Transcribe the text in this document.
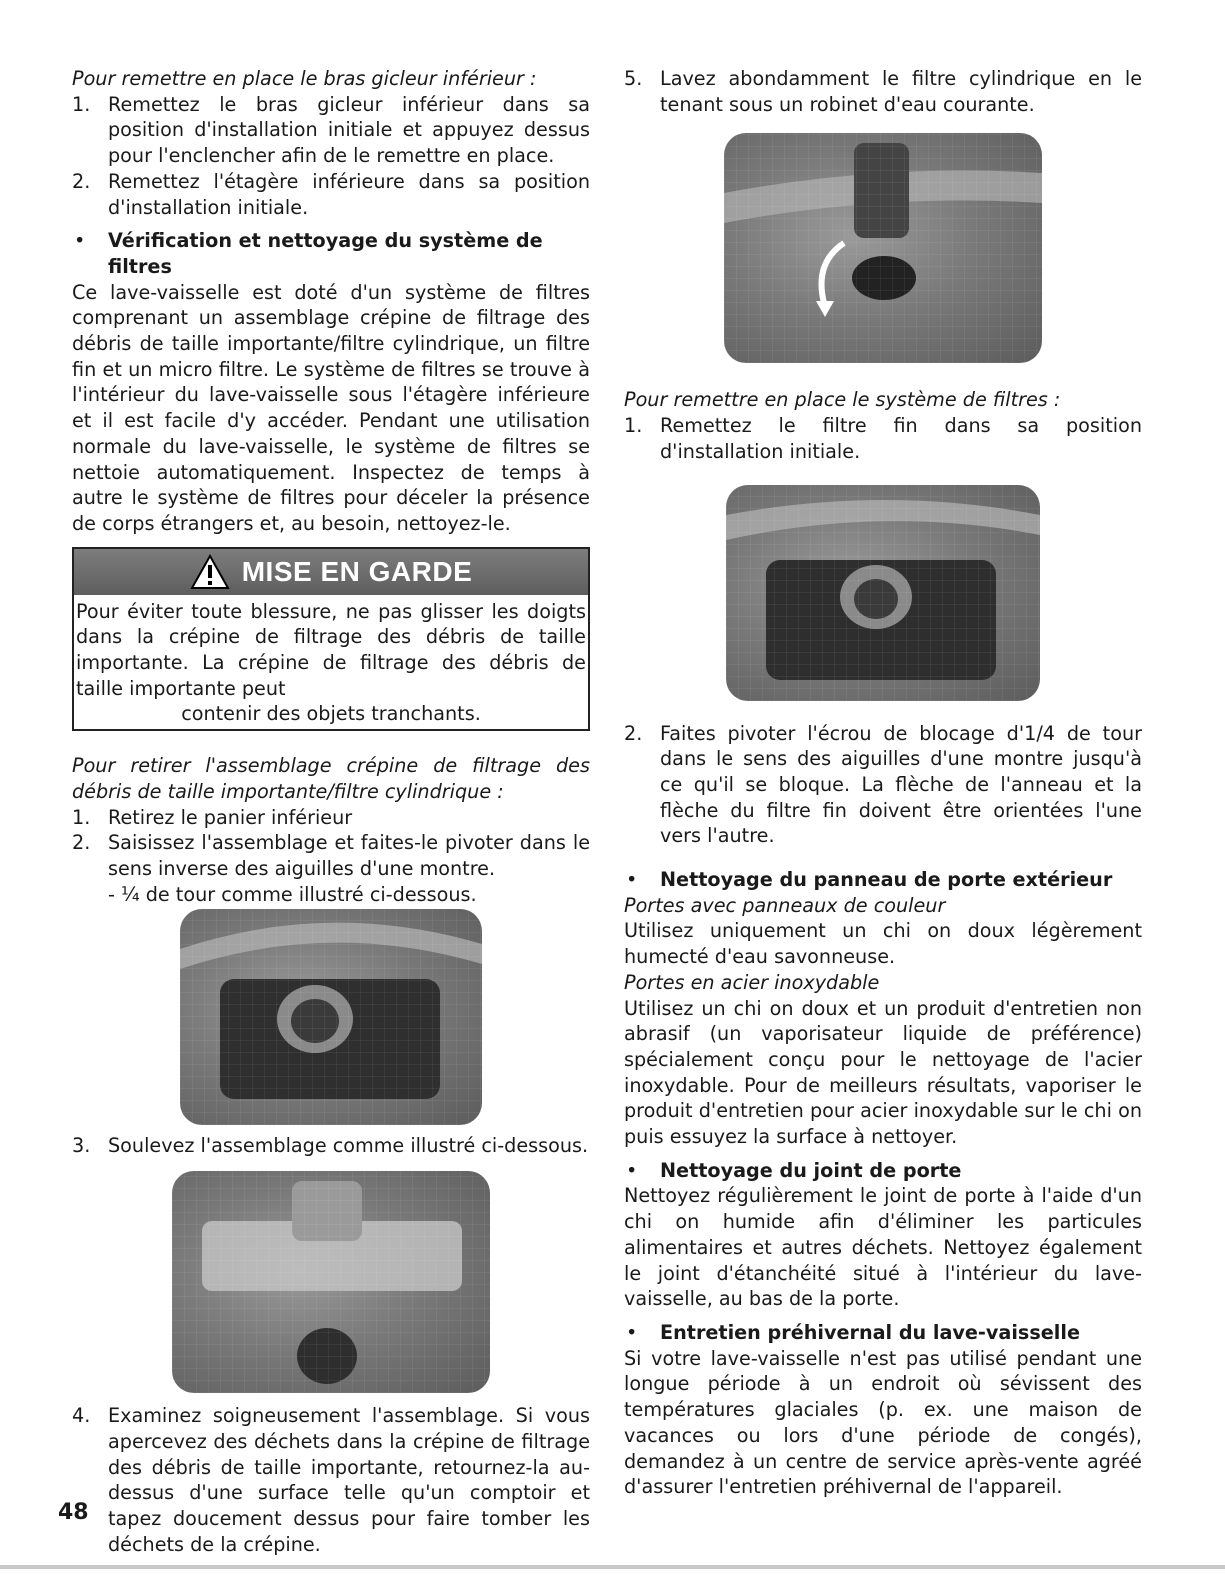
Pour remettre en place le bras gicleur inférieur :

1. Remettez le bras gicleur inférieur dans sa position d'installation initiale et appuyez dessus pour l'enclencher afin de le remettre en place.
2. Remettez l'étagère inférieure dans sa position d'installation initiale.
• Vérification et nettoyage du système de filtres

Ce lave-vaisselle est doté d'un système de filtres comprenant un assemblage crépine de filtrage des débris de taille importante/filtre cylindrique, un filtre fin et un micro filtre. Le système de filtres se trouve à l'intérieur du lave-vaisselle sous l'étagère inférieure et il est facile d'y accéder. Pendant une utilisation normale du lave-vaisselle, le système de filtres se nettoie automatiquement. Inspectez de temps à autre le système de filtres pour déceler la présence de corps étrangers et, au besoin, nettoyez-le.

MISE EN GARDE

Pour éviter toute blessure, ne pas glisser les doigts dans la crépine de filtrage des débris de taille importante. La crépine de filtrage des débris de taille importante peut

contenir des objets tranchants.

Pour retirer l'assemblage crépine de filtrage des débris de taille importante/filtre cylindrique :

1. Retirez le panier inférieur
2. Saisissez l'assemblage et faites-le pivoter dans le sens inverse des aiguilles d'une montre.

- ¼ de tour comme illustré ci-dessous.

3. Soulevez l'assemblage comme illustré ci-dessous.
4. Examinez soigneusement l'assemblage. Si vous apercevez des déchets dans la crépine de filtrage des débris de taille importante, retournez-la au-dessus d'une surface telle qu'un comptoir et tapez doucement dessus pour faire tomber les déchets de la crépine.
5. Lavez abondamment le filtre cylindrique en le tenant sous un robinet d'eau courante.

Pour remettre en place le système de filtres :

1. Remettez le filtre fin dans sa position d'installation initiale.
2. Faites pivoter l'écrou de blocage d'1/4 de tour dans le sens des aiguilles d'une montre jusqu'à ce qu'il se bloque. La flèche de l'anneau et la flèche du filtre fin doivent être orientées l'une vers l'autre.
• Nettoyage du panneau de porte extérieur

Portes avec panneaux de couleur

Utilisez uniquement un chi on doux légèrement humecté d'eau savonneuse.

Portes en acier inoxydable

Utilisez un chi on doux et un produit d'entretien non abrasif (un vaporisateur liquide de préférence) spécialement conçu pour le nettoyage de l'acier inoxydable. Pour de meilleurs résultats, vaporiser le produit d'entretien pour acier inoxydable sur le chi on puis essuyez la surface à nettoyer.

• Nettoyage du joint de porte

Nettoyez régulièrement le joint de porte à l'aide d'un chi on humide afin d'éliminer les particules alimentaires et autres déchets. Nettoyez également le joint d'étanchéité situé à l'intérieur du lave-vaisselle, au bas de la porte.

• Entretien préhivernal du lave-vaisselle

Si votre lave-vaisselle n'est pas utilisé pendant une longue période à un endroit où sévissent des températures glaciales (p. ex. une maison de vacances ou lors d'une période de congés), demandez à un centre de service après-vente agréé d'assurer l'entretien préhivernal de l'appareil.

48
